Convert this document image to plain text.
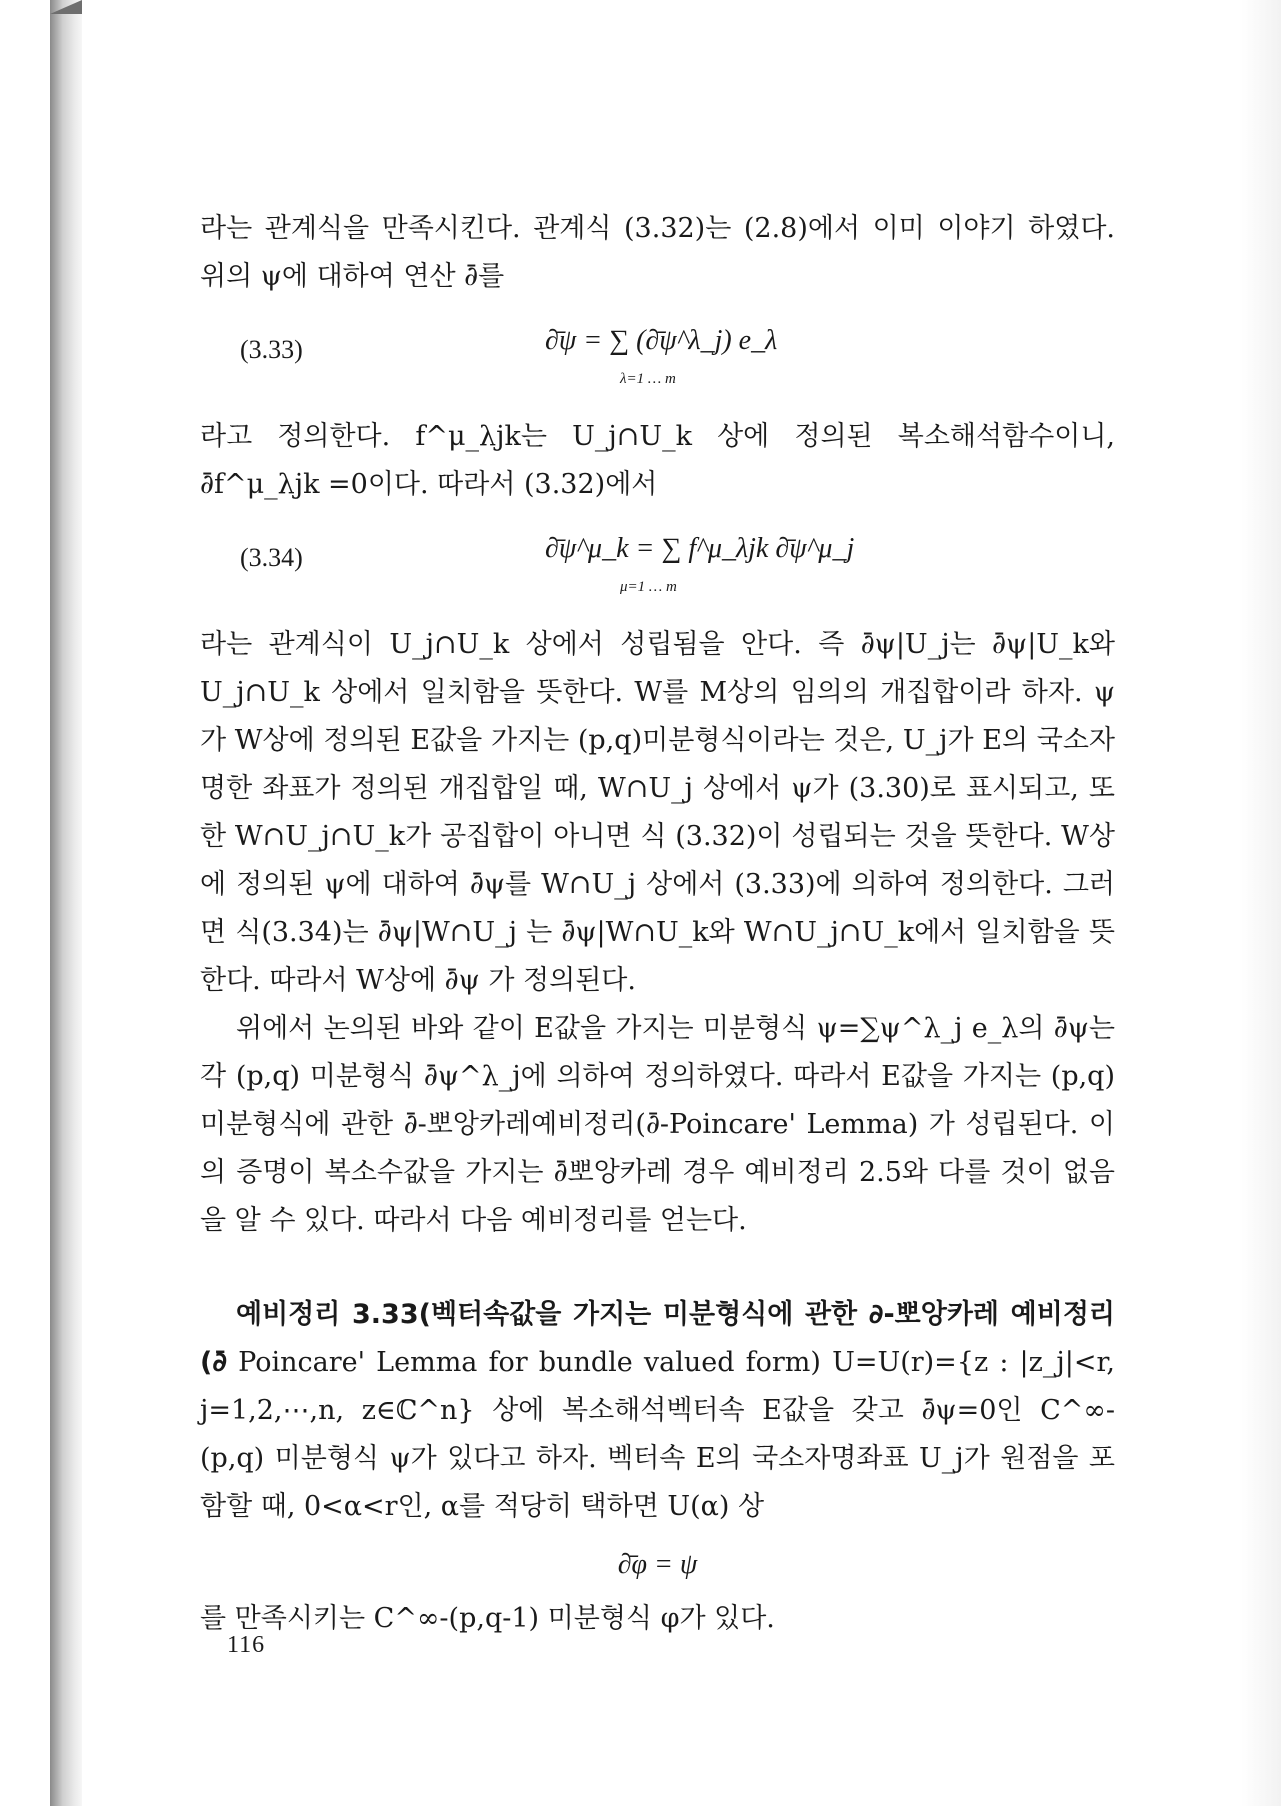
라는 관계식을 만족시킨다. 관계식 (3.32)는 (2.8)에서 이미 이야기 하였다. 위의 ψ에 대하여 연산 ∂̄를

(3.33)	∂̄ψ = ∑ (∂̄ψ^λ_j) e_λ
λ=1 … m

라고 정의한다. f^μ_λjk는 U_j∩U_k 상에 정의된 복소해석함수이니, ∂̄f^μ_λjk =0이다. 따라서 (3.32)에서

(3.34)	∂̄ψ^μ_k = ∑ f^μ_λjk ∂̄ψ^μ_j
μ=1 … m

라는 관계식이 U_j∩U_k 상에서 성립됨을 안다. 즉 ∂̄ψ|U_j는 ∂̄ψ|U_k와 U_j∩U_k 상에서 일치함을 뜻한다. W를 M상의 임의의 개집합이라 하자. ψ가 W상에 정의된 E값을 가지는 (p,q)미분형식이라는 것은, U_j가 E의 국소자명한 좌표가 정의된 개집합일 때, W∩U_j 상에서 ψ가 (3.30)로 표시되고, 또한 W∩U_j∩U_k가 공집합이 아니면 식 (3.32)이 성립되는 것을 뜻한다. W상에 정의된 ψ에 대하여 ∂̄ψ를 W∩U_j 상에서 (3.33)에 의하여 정의한다. 그러면 식(3.34)는 ∂̄ψ|W∩U_j 는 ∂̄ψ|W∩U_k와 W∩U_j∩U_k에서 일치함을 뜻한다. 따라서 W상에 ∂̄ψ 가 정의된다.

위에서 논의된 바와 같이 E값을 가지는 미분형식 ψ=∑ψ^λ_j e_λ의 ∂̄ψ는 각 (p,q) 미분형식 ∂̄ψ^λ_j에 의하여 정의하였다. 따라서 E값을 가지는 (p,q) 미분형식에 관한 ∂̄-뽀앙카레예비정리(∂̄-Poincare' Lemma) 가 성립된다. 이의 증명이 복소수값을 가지는 ∂̄뽀앙카레 경우 예비정리 2.5와 다를 것이 없음을 알 수 있다. 따라서 다음 예비정리를 얻는다.

예비정리 3.33(벡터속값을 가지는 미분형식에 관한 ∂-뽀앙카레 예비정리(∂̄ Poincare' Lemma for bundle valued form) U=U(r)={z : |z_j|<r, j=1,2,⋯,n, z∈ℂ^n} 상에 복소해석벡터속 E값을 갖고 ∂̄ψ=0인 C^∞-(p,q) 미분형식 ψ가 있다고 하자. 벡터속 E의 국소자명좌표 U_j가 원점을 포함할 때, 0<α<r인, α를 적당히 택하면 U(α) 상

∂̄φ = ψ

를 만족시키는 C^∞-(p,q-1) 미분형식 φ가 있다.

116
